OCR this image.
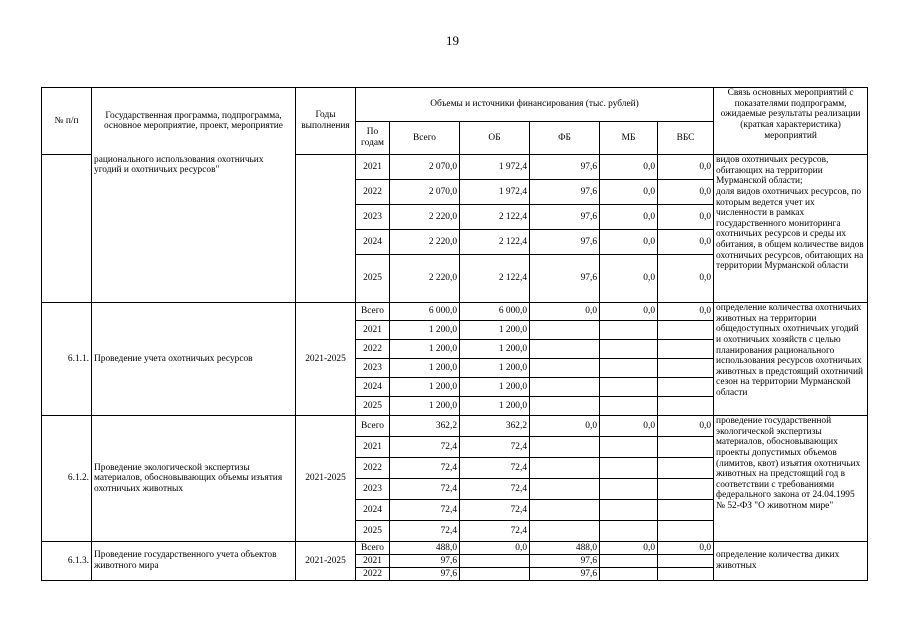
19
№ п/п	Государственная программа, подпрограмма, основное мероприятие, проект, мероприятие	Годы выполнения	Объемы и источники финансирования (тыс. рублей)						Связь основных мероприятий с показателями подпрограмм, ожидаемые результаты реализации (краткая характеристика) мероприятий
			По годам	Всего	ОБ	ФБ	МБ	ВБС	
	рационального использования охотничьих угодий и охотничьих ресурсов"		2021	2 070,0	1 972,4	97,6	0,0	0,0	видов охотничьих ресурсов, обитающих на территории Мурманской области;
доля видов охотничьих ресурсов, по которым ведется учет их численности в рамках государственного мониторинга охотничьих ресурсов и среды их обитания, в общем количестве видов охотничьих ресурсов, обитающих на территории Мурманской области
			2022	2 070,0	1 972,4	97,6	0,0	0,0	
			2023	2 220,0	2 122,4	97,6	0,0	0,0	
			2024	2 220,0	2 122,4	97,6	0,0	0,0	
			2025	2 220,0	2 122,4	97,6	0,0	0,0	
6.1.1.	Проведение учета охотничьих ресурсов	2021-2025	Всего	6 000,0	6 000,0	0,0	0,0	0,0	определение количества охотничьих животных на территории общедоступных охотничьих угодий и охотничьих хозяйств с целью планирования рационального использования ресурсов охотничьих животных в предстоящий охотничий сезон на территории Мурманской области
			2021	1 200,0	1 200,0				
			2022	1 200,0	1 200,0				
			2023	1 200,0	1 200,0				
			2024	1 200,0	1 200,0				
			2025	1 200,0	1 200,0				
6.1.2.	Проведение экологической экспертизы материалов, обосновывающих объемы изъятия охотничьих животных	2021-2025	Всего	362,2	362,2	0,0	0,0	0,0	проведение государственной экологической экспертизы материалов, обосновывающих проекты допустимых объемов (лимитов, квот) изъятия охотничьих животных на предстоящий год в соответствии с требованиями федерального закона от 24.04.1995 № 52-ФЗ "О животном мире"
			2021	72,4	72,4				
			2022	72,4	72,4				
			2023	72,4	72,4				
			2024	72,4	72,4				
			2025	72,4	72,4				
6.1.3.	Проведение государственного учета объектов животного мира	2021-2025	Всего	488,0	0,0	488,0	0,0	0,0	определение количества диких животных
			2021	97,6		97,6			
			2022	97,6		97,6			
